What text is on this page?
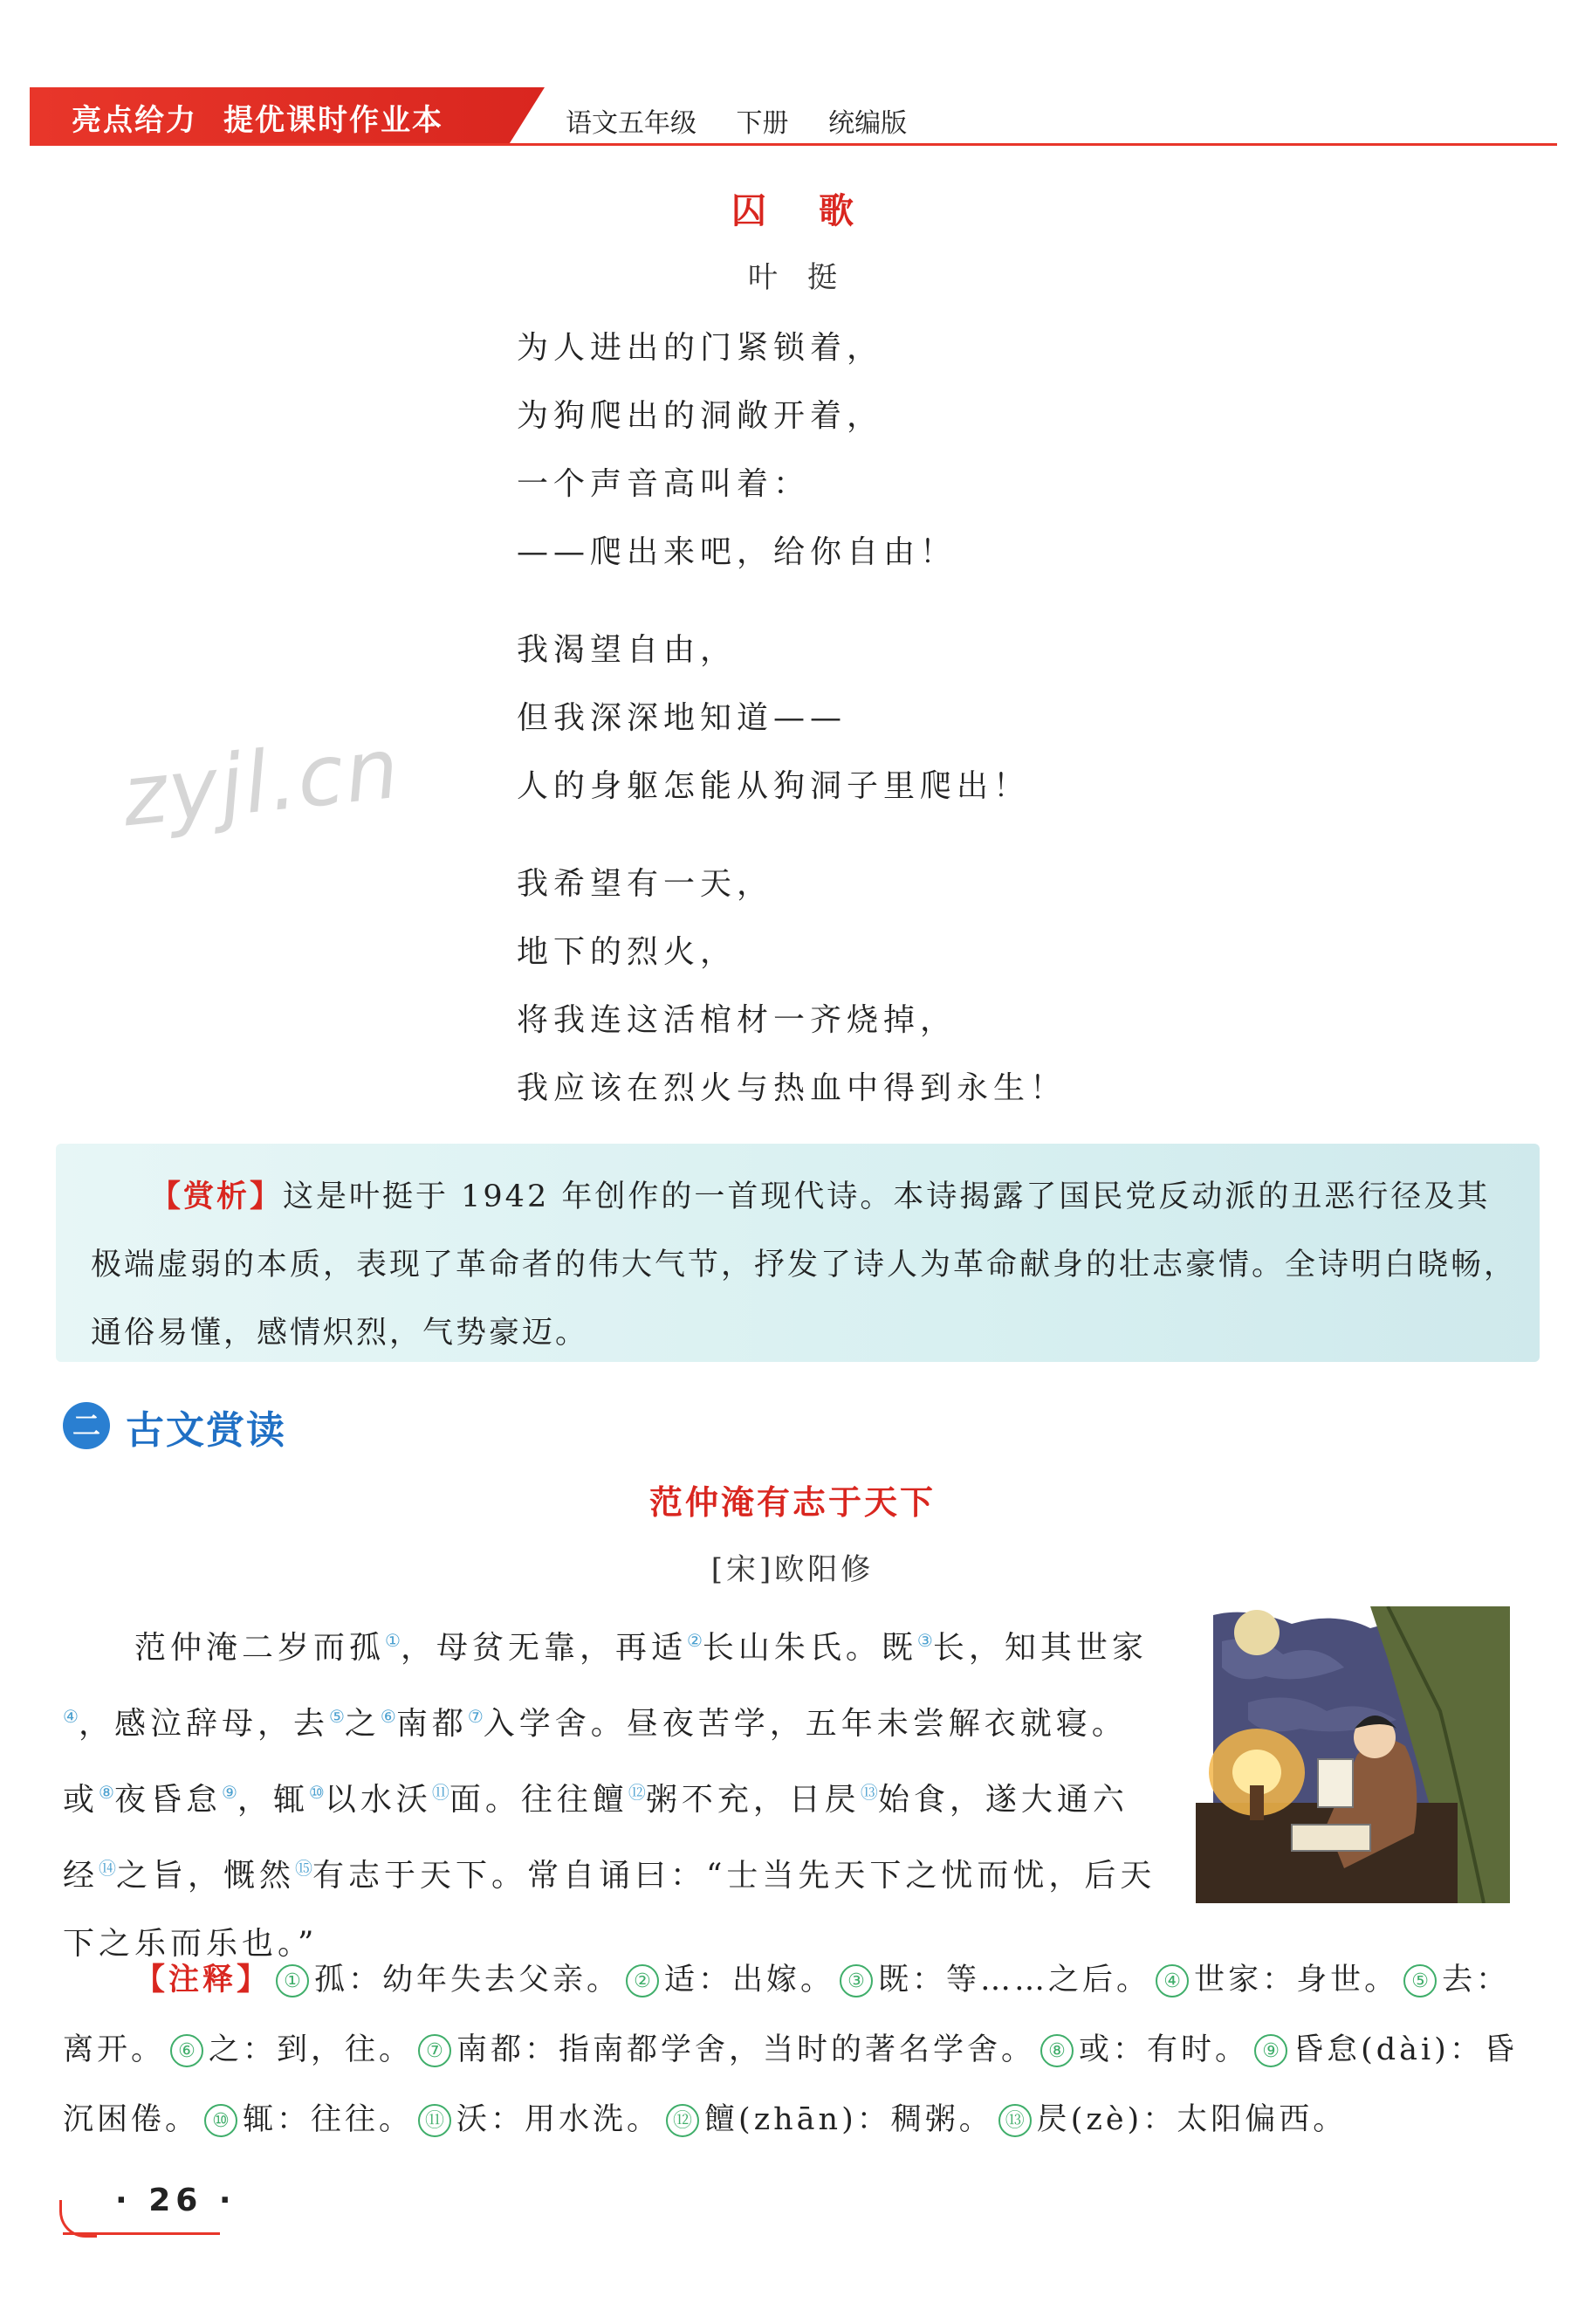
亮点给力 提优课时作业本	语文五年级 下册 统编版
囚歌
叶挺
为人进出的门紧锁着，
为狗爬出的洞敞开着，
一个声音高叫着：
——爬出来吧，给你自由！
我渴望自由，
但我深深地知道——
人的身躯怎能从狗洞子里爬出！
我希望有一天，
地下的烈火，
将我连这活棺材一齐烧掉，
我应该在烈火与热血中得到永生！
zyjl.cn
【赏析】这是叶挺于 1942 年创作的一首现代诗。本诗揭露了国民党反动派的丑恶行径及其极端虚弱的本质，表现了革命者的伟大气节，抒发了诗人为革命献身的壮志豪情。全诗明白晓畅，通俗易懂，感情炽烈，气势豪迈。
二 古文赏读
范仲淹有志于天下
[宋]欧阳修
范仲淹二岁而孤①，母贫无靠，再适②长山朱氏。既③长，知其世家④，感泣辞母，去⑤之⑥南都⑦入学舍。昼夜苦学，五年未尝解衣就寝。或⑧夜昏怠⑨，辄⑩以水沃⑪面。往往饘⑫粥不充，日昃⑬始食，遂大通六经⑭之旨，慨然⑮有志于天下。常自诵曰：“士当先天下之忧而忧，后天下之乐而乐也。”
【注释】 ① 孤：幼年失去父亲。 ② 适：出嫁。 ③ 既：等……之后。 ④ 世家：身世。 ⑤ 去：离开。 ⑥ 之：到，往。 ⑦ 南都：指南都学舍，当时的著名学舍。 ⑧ 或：有时。 ⑨ 昏怠(dài)：昏沉困倦。 ⑩ 辄：往往。 ⑪ 沃：用水洗。 ⑫ 饘(zhān)：稠粥。 ⑬ 昃(zè)：太阳偏西。
· 26 ·
